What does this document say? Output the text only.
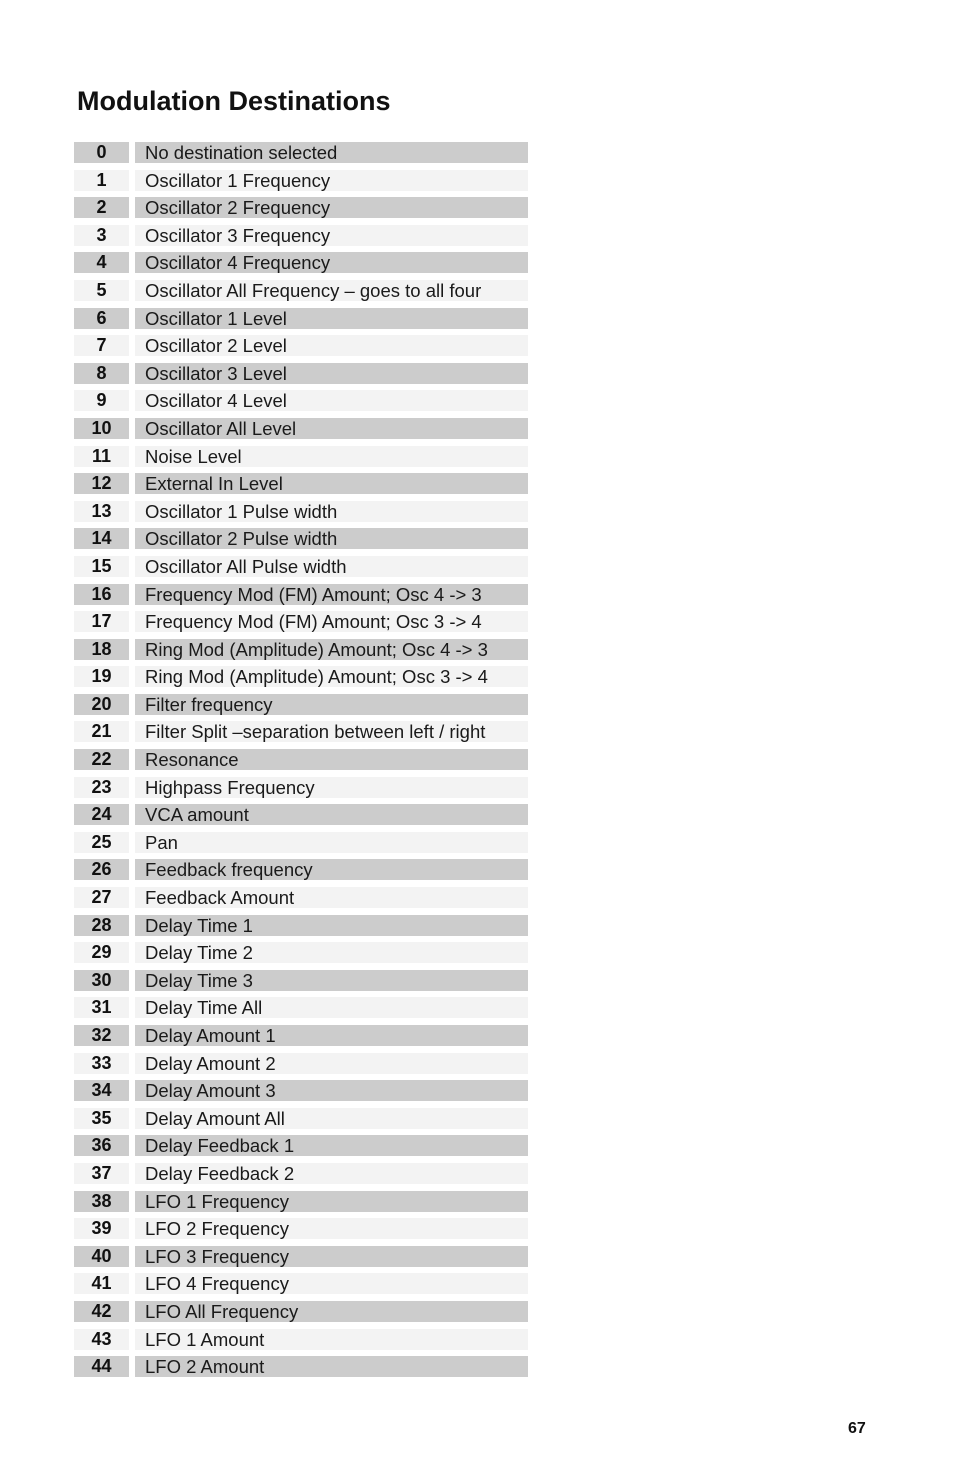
Modulation Destinations
0	No destination selected
1	Oscillator 1 Frequency
2	Oscillator 2 Frequency
3	Oscillator 3 Frequency
4	Oscillator 4 Frequency
5	Oscillator All Frequency – goes to all four
6	Oscillator 1 Level
7	Oscillator 2 Level
8	Oscillator 3 Level
9	Oscillator 4 Level
10	Oscillator All Level
11	Noise Level
12	External In Level
13	Oscillator 1 Pulse width
14	Oscillator 2 Pulse width
15	Oscillator All Pulse width
16	Frequency Mod (FM) Amount; Osc 4 -> 3
17	Frequency Mod (FM) Amount; Osc 3 -> 4
18	Ring Mod (Amplitude) Amount; Osc 4 -> 3
19	Ring Mod (Amplitude) Amount; Osc 3 -> 4
20	Filter frequency
21	Filter Split –separation between left / right
22	Resonance
23	Highpass Frequency
24	VCA amount
25	Pan
26	Feedback frequency
27	Feedback Amount
28	Delay Time 1
29	Delay Time 2
30	Delay Time 3
31	Delay Time All
32	Delay Amount 1
33	Delay Amount 2
34	Delay Amount 3
35	Delay Amount All
36	Delay Feedback 1
37	Delay Feedback 2
38	LFO 1 Frequency
39	LFO 2 Frequency
40	LFO 3 Frequency
41	LFO 4 Frequency
42	LFO All Frequency
43	LFO 1 Amount
44	LFO 2 Amount
67
